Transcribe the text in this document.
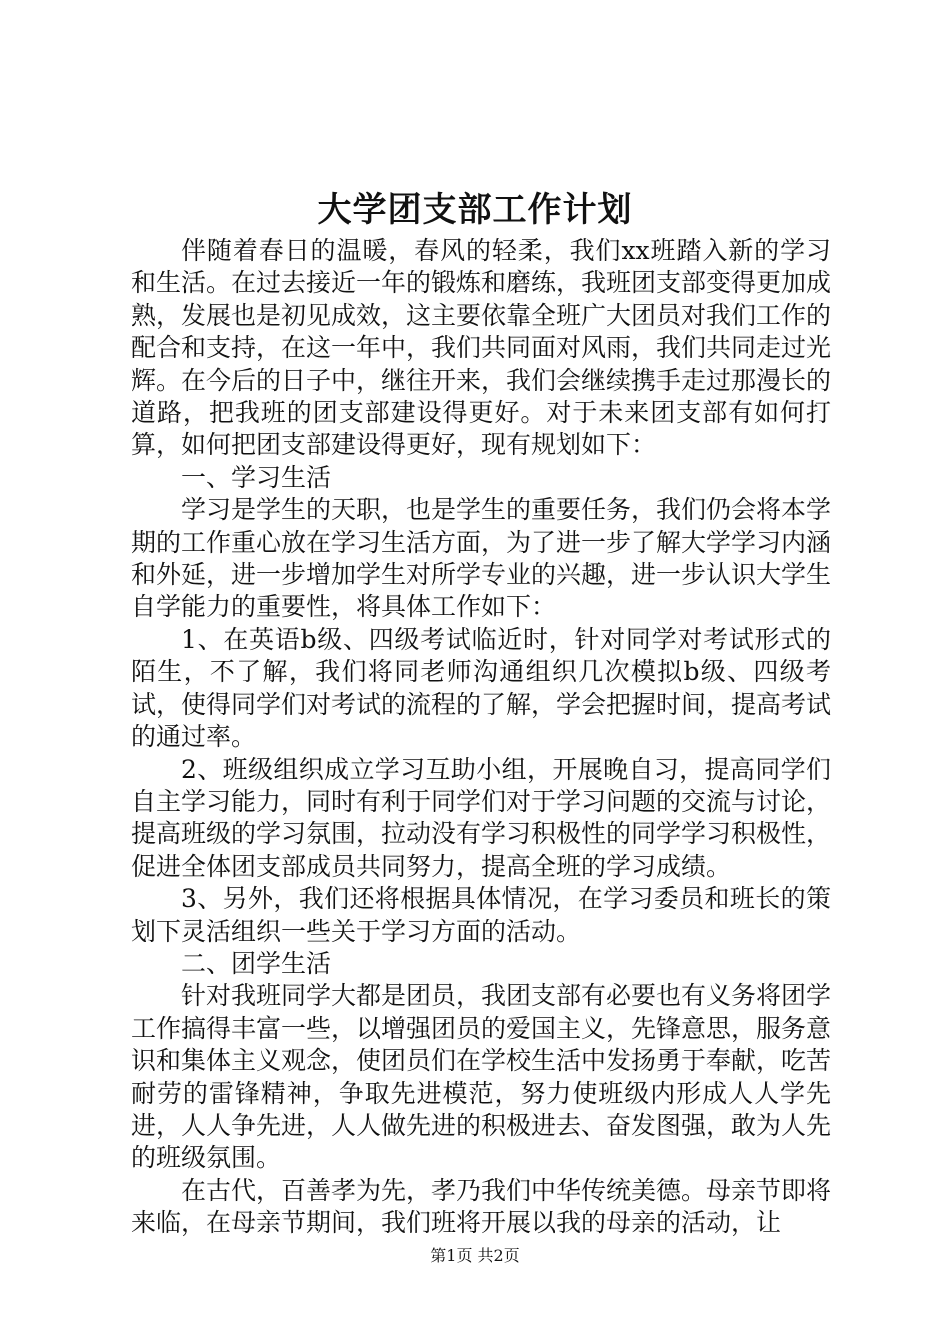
大学团支部工作计划

伴随着春日的温暖，春风的轻柔，我们xx班踏入新的学习和生活。在过去接近一年的锻炼和磨练，我班团支部变得更加成熟，发展也是初见成效，这主要依靠全班广大团员对我们工作的配合和支持，在这一年中，我们共同面对风雨，我们共同走过光辉。在今后的日子中，继往开来，我们会继续携手走过那漫长的道路，把我班的团支部建设得更好。对于未来团支部有如何打算，如何把团支部建设得更好，现有规划如下：

一、学习生活

学习是学生的天职，也是学生的重要任务，我们仍会将本学期的工作重心放在学习生活方面，为了进一步了解大学学习内涵和外延，进一步增加学生对所学专业的兴趣，进一步认识大学生自学能力的重要性，将具体工作如下：

1、在英语b级、四级考试临近时，针对同学对考试形式的陌生，不了解，我们将同老师沟通组织几次模拟b级、四级考试，使得同学们对考试的流程的了解，学会把握时间，提高考试的通过率。

2、班级组织成立学习互助小组，开展晚自习，提高同学们自主学习能力，同时有利于同学们对于学习问题的交流与讨论，提高班级的学习氛围，拉动没有学习积极性的同学学习积极性，促进全体团支部成员共同努力，提高全班的学习成绩。

3、另外，我们还将根据具体情况，在学习委员和班长的策划下灵活组织一些关于学习方面的活动。

二、团学生活

针对我班同学大都是团员，我团支部有必要也有义务将团学工作搞得丰富一些，以增强团员的爱国主义，先锋意思，服务意识和集体主义观念，使团员们在学校生活中发扬勇于奉献，吃苦耐劳的雷锋精神，争取先进模范，努力使班级内形成人人学先进，人人争先进，人人做先进的积极进去、奋发图强，敢为人先的班级氛围。

在古代，百善孝为先，孝乃我们中华传统美德。母亲节即将来临，在母亲节期间，我们班将开展以我的母亲的活动，让

第1页 共2页
